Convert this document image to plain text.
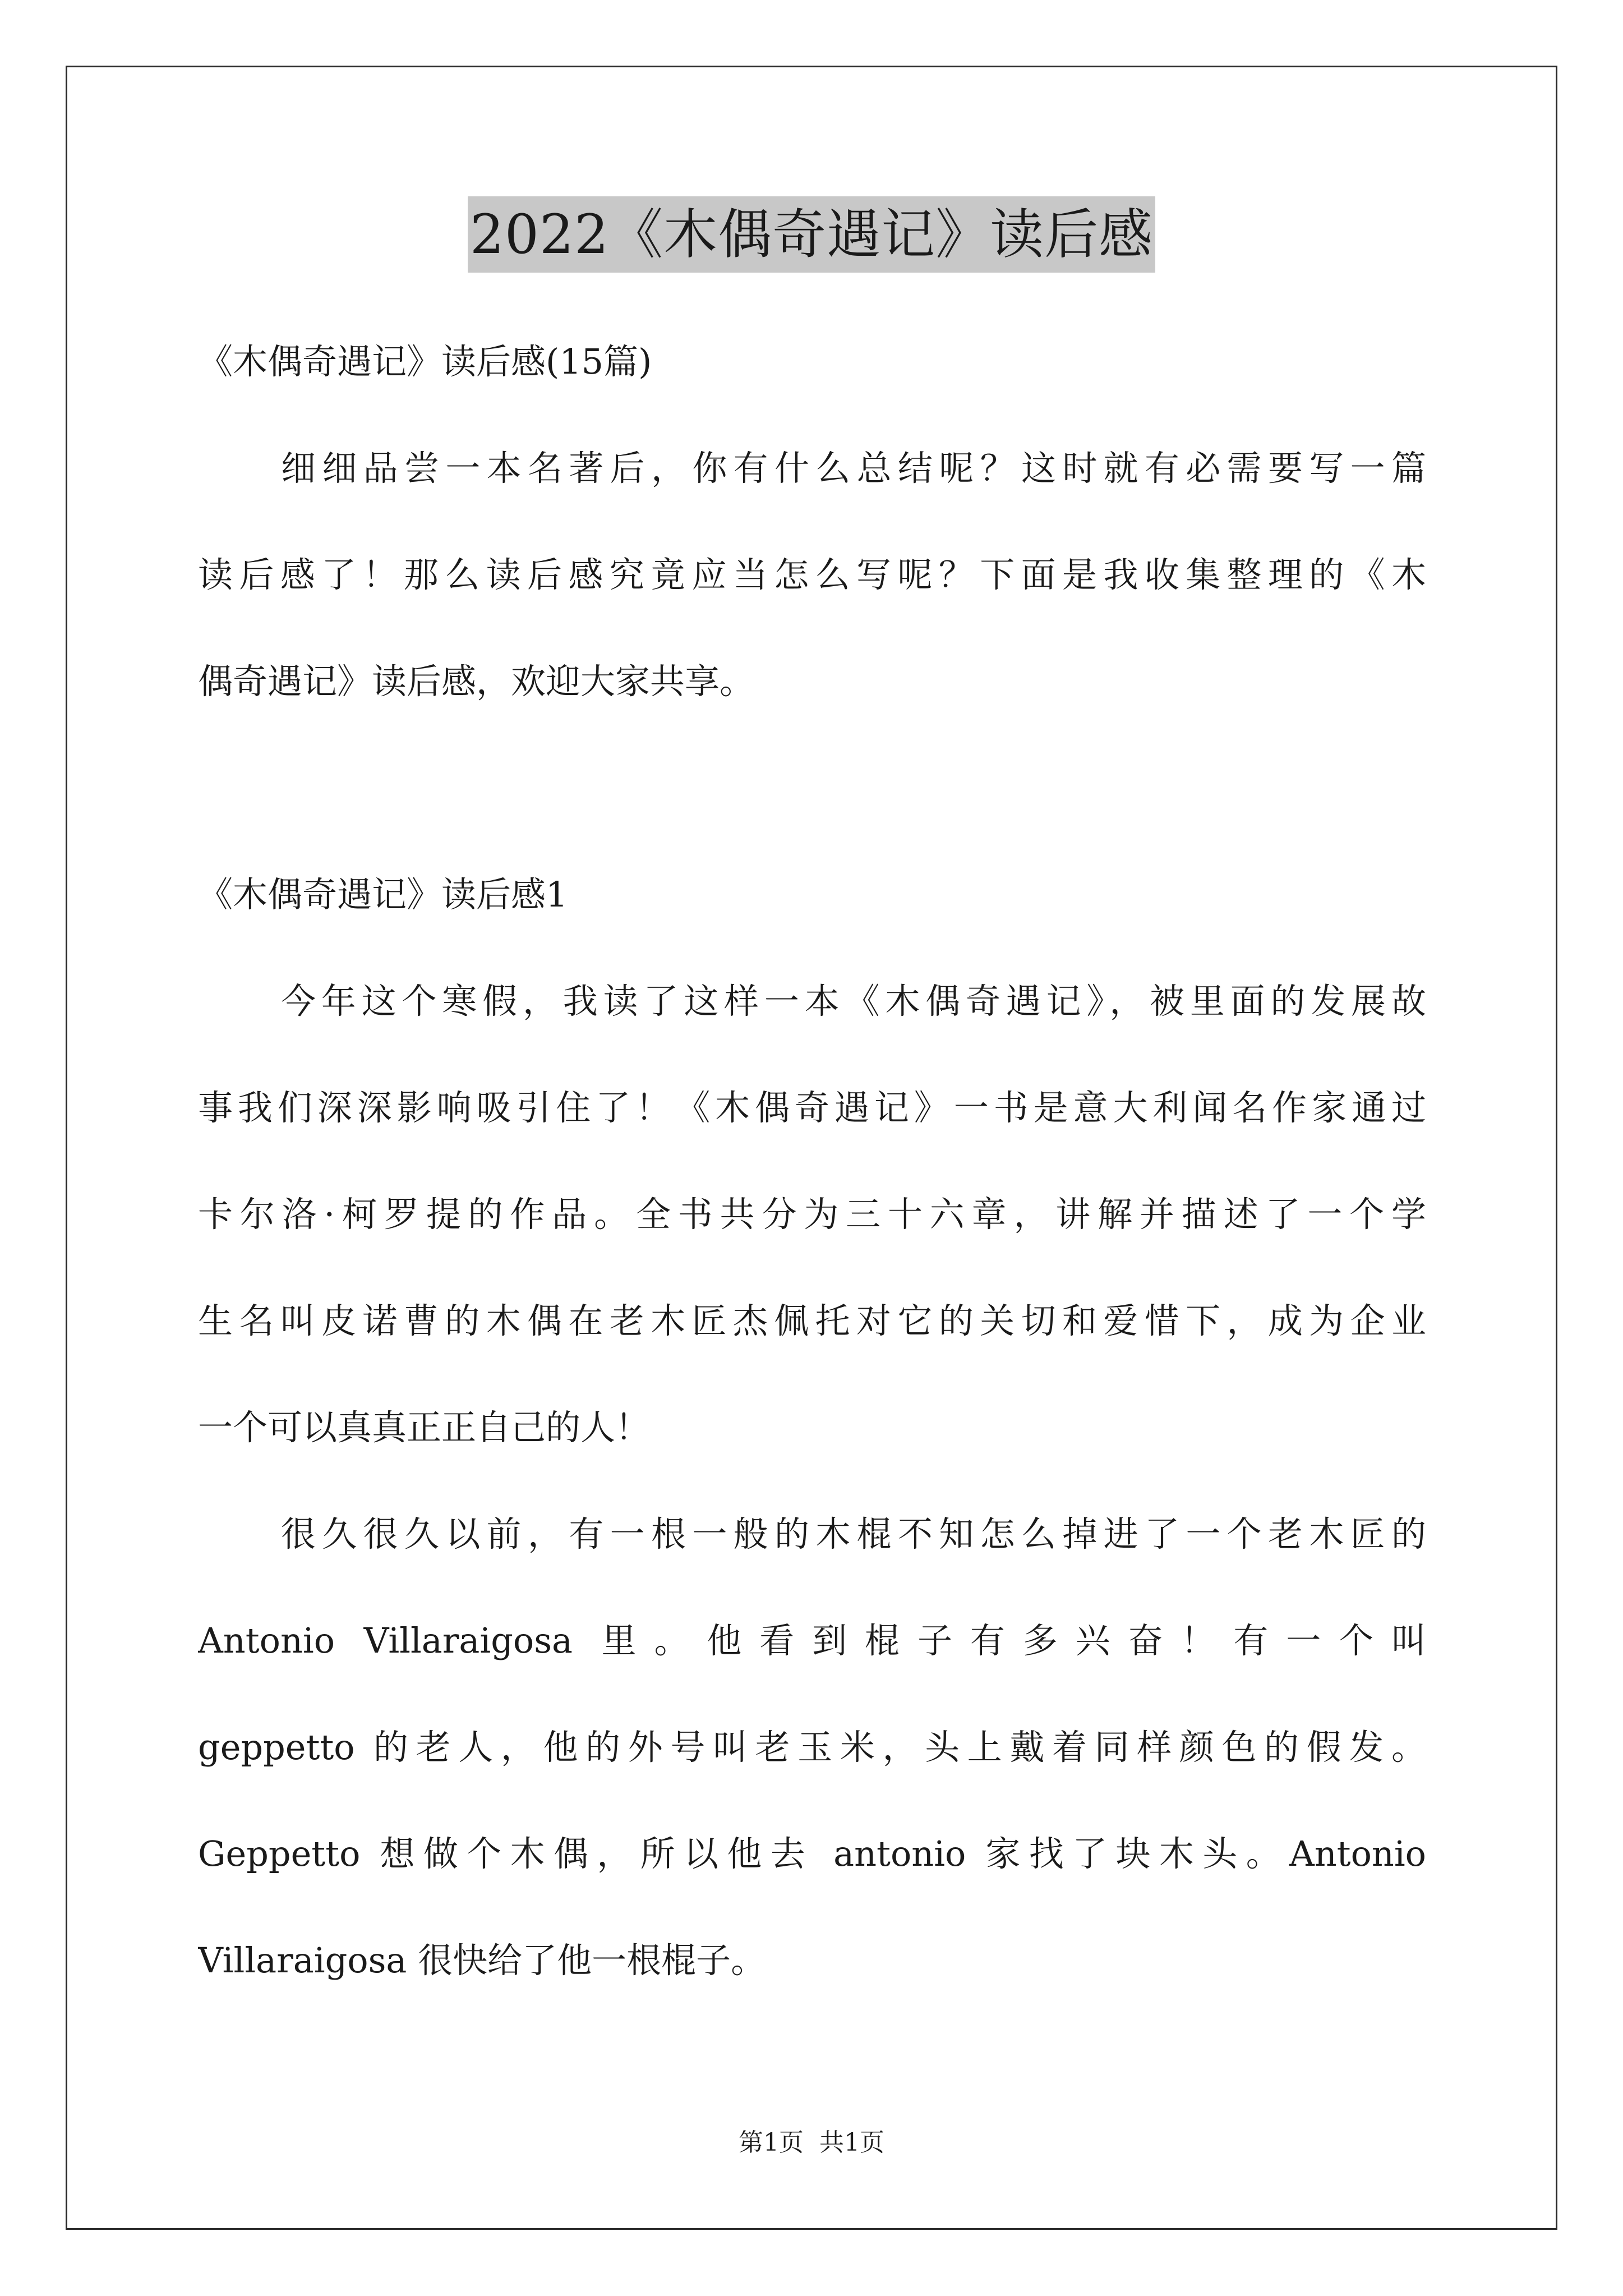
2022《木偶奇遇记》读后感
《木偶奇遇记》读后感(15篇)
细细品尝一本名著后，你有什么总结呢？这时就有必需要写一篇
读后感了！那么读后感究竟应当怎么写呢？下面是我收集整理的《木
偶奇遇记》读后感，欢迎大家共享。
《木偶奇遇记》读后感1
今年这个寒假，我读了这样一本《木偶奇遇记》，被里面的发展故
事我们深深影响吸引住了！《木偶奇遇记》一书是意大利闻名作家通过
卡尔洛·柯罗提的作品。全书共分为三十六章，讲解并描述了一个学
生名叫皮诺曹的木偶在老木匠杰佩托对它的关切和爱惜下，成为企业
一个可以真真正正自己的人！
很久很久以前，有一根一般的木棍不知怎么掉进了一个老木匠的
Antonio Villaraigosa 里。他看到棍子有多兴奋！有一个叫
geppetto 的老人，他的外号叫老玉米，头上戴着同样颜色的假发。
Geppetto 想做个木偶，所以他去 antonio 家找了块木头。Antonio
Villaraigosa 很快给了他一根棍子。
第1页 共1页
